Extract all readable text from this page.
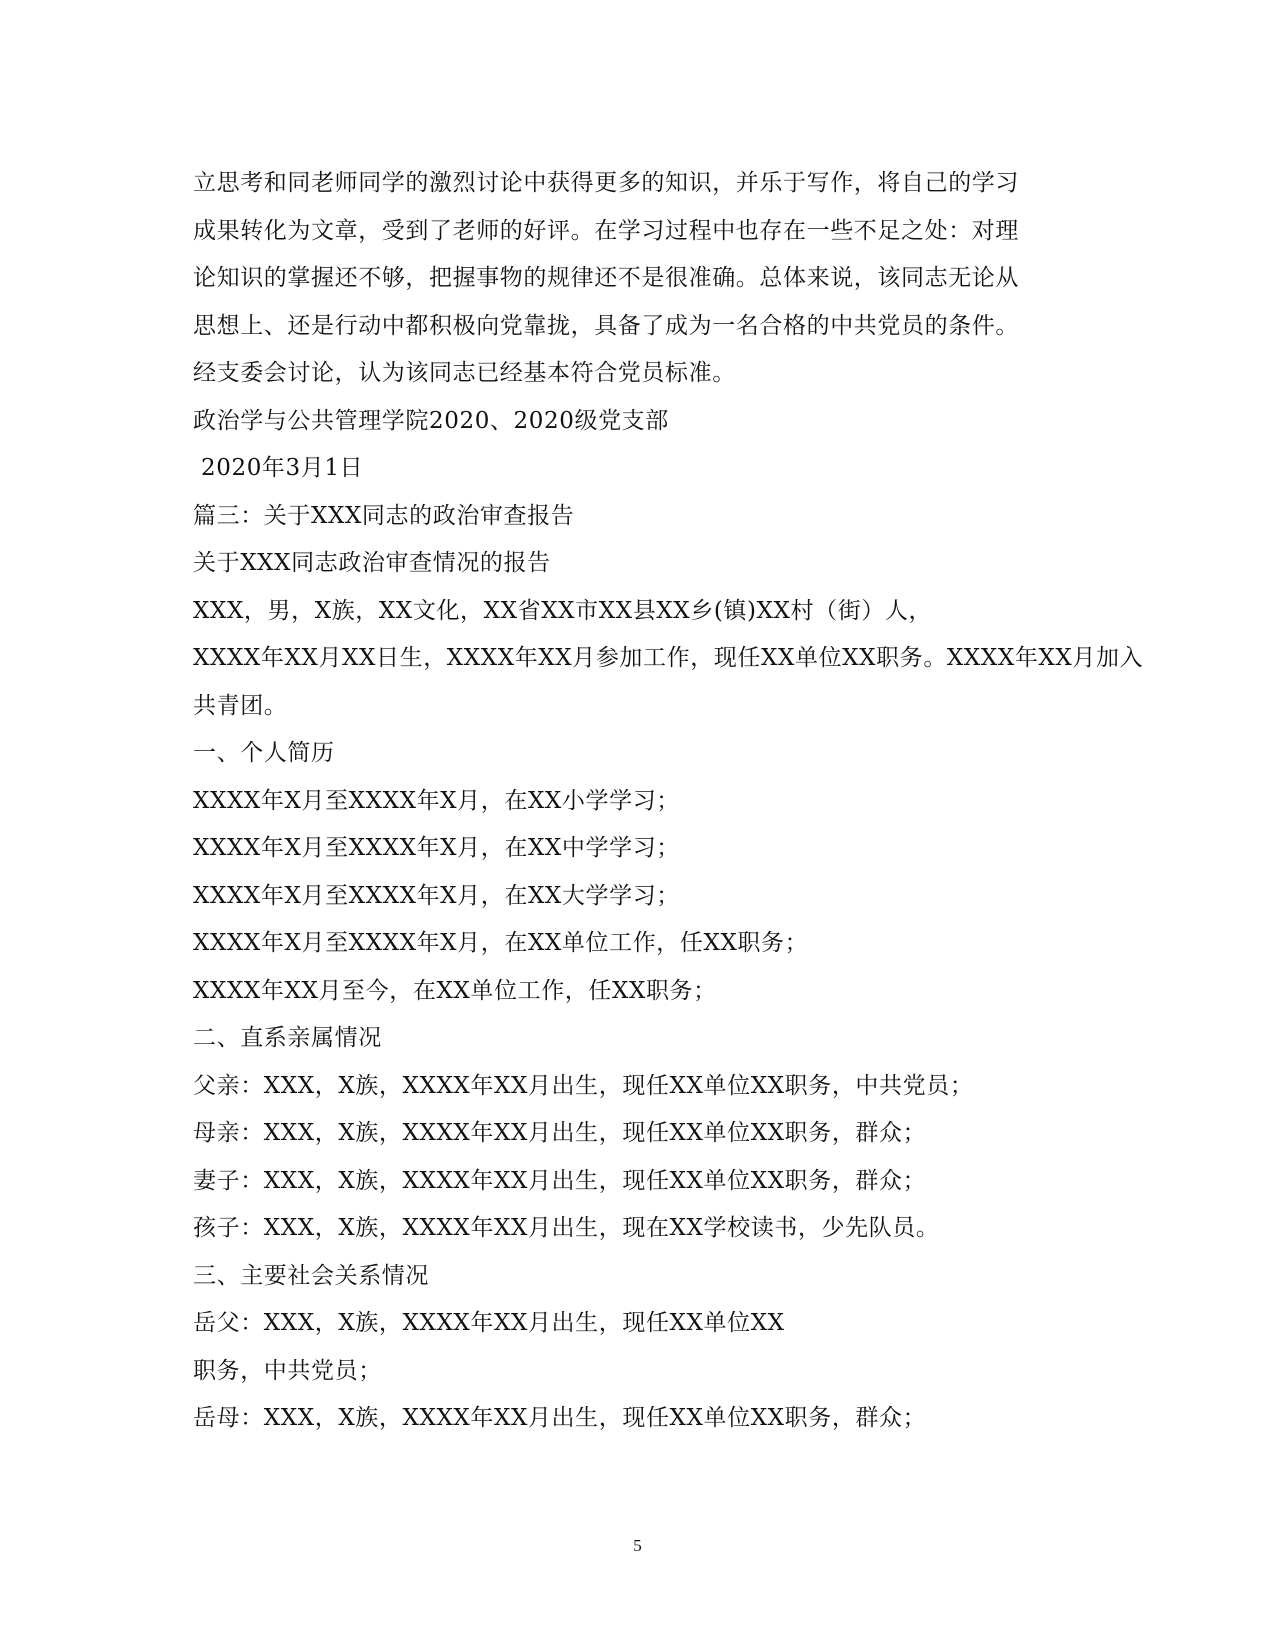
立思考和同老师同学的激烈讨论中获得更多的知识，并乐于写作，将自己的学习
成果转化为文章，受到了老师的好评。在学习过程中也存在一些不足之处：对理
论知识的掌握还不够，把握事物的规律还不是很准确。总体来说，该同志无论从
思想上、还是行动中都积极向党靠拢，具备了成为一名合格的中共党员的条件。
经支委会讨论，认为该同志已经基本符合党员标准。
政治学与公共管理学院2020、2020级党支部
2020年3月1日
篇三：关于XXX同志的政治审查报告
关于XXX同志政治审查情况的报告
XXX，男，X族，XX文化，XX省XX市XX县XX乡(镇)XX村（街）人，
XXXX年XX月XX日生，XXXX年XX月参加工作，现任XX单位XX职务。XXXX年XX月加入
共青团。
一、个人简历
XXXX年X月至XXXX年X月，在XX小学学习；
XXXX年X月至XXXX年X月，在XX中学学习；
XXXX年X月至XXXX年X月，在XX大学学习；
XXXX年X月至XXXX年X月，在XX单位工作，任XX职务；
XXXX年XX月至今，在XX单位工作，任XX职务；
二、直系亲属情况
父亲：XXX，X族，XXXX年XX月出生，现任XX单位XX职务，中共党员；
母亲：XXX，X族，XXXX年XX月出生，现任XX单位XX职务，群众；
妻子：XXX，X族，XXXX年XX月出生，现任XX单位XX职务，群众；
孩子：XXX，X族，XXXX年XX月出生，现在XX学校读书，少先队员。
三、主要社会关系情况
岳父：XXX，X族，XXXX年XX月出生，现任XX单位XX
职务，中共党员；
岳母：XXX，X族，XXXX年XX月出生，现任XX单位XX职务，群众；
5
